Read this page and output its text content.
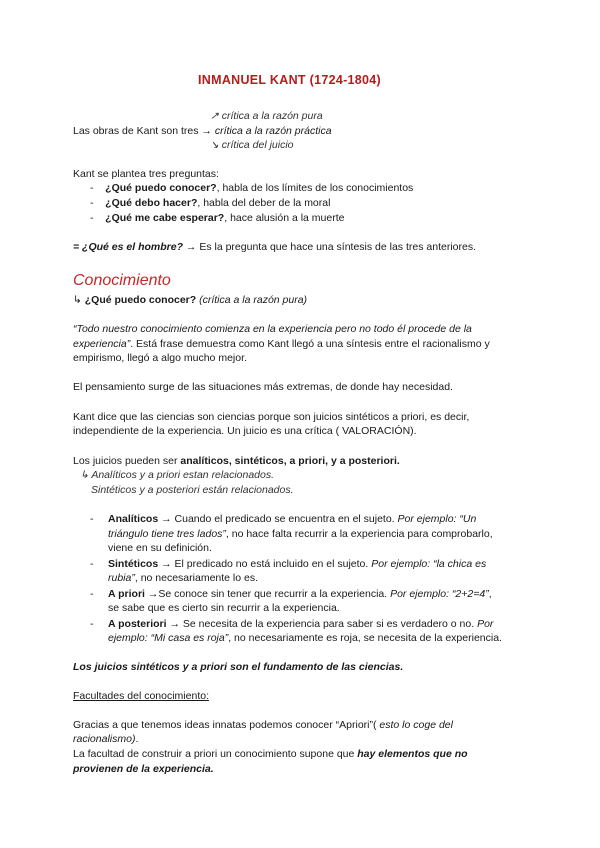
INMANUEL KANT (1724-1804)
↗ crítica a la razón pura
Las obras de Kant son tres → crítica a la razón práctica
↘ crítica del juicio
Kant se plantea tres preguntas:
-    ¿Qué puedo conocer?, habla de los límites de los conocimientos
-    ¿Qué debo hacer?, habla del deber de la moral
-    ¿Qué me cabe esperar?, hace alusión a la muerte
= ¿Qué es el hombre? → Es la pregunta que hace una síntesis de las tres anteriores.
Conocimiento
↳ ¿Qué puedo conocer? (crítica a la razón pura)
“Todo nuestro conocimiento comienza en la experiencia pero no todo él procede de la
experiencia”. Está frase demuestra como Kant llegó a una síntesis entre el racionalismo y
empirismo, llegó a algo mucho mejor.
El pensamiento surge de las situaciones más extremas, de donde hay necesidad.
Kant dice que las ciencias son ciencias porque son juicios sintéticos a priori, es decir,
independiente de la experiencia. Un juicio es una crítica ( VALORACIÓN).
Los juicios pueden ser analíticos, sintéticos, a priori, y a posteriori.
↳ Analíticos y a priori estan relacionados.
Sintéticos y a posteriori están relacionados.
- Analíticos → Cuando el predicado se encuentra en el sujeto. Por ejemplo: “Un
triángulo tiene tres lados”, no hace falta recurrir a la experiencia para comprobarlo,
viene en su definición.
- Sintéticos → El predicado no está incluido en el sujeto. Por ejemplo: “la chica es
rubia”, no necesariamente lo es.
- A priori →Se conoce sin tener que recurrir a la experiencia. Por ejemplo: “2+2=4”,
se sabe que es cierto sin recurrir a la experiencia.
- A posteriori → Se necesita de la experiencia para saber si es verdadero o no. Por
ejemplo: “Mi casa es roja”, no necesariamente es roja, se necesita de la experiencia.
Los juicios sintéticos y a priori son el fundamento de las ciencias.
Facultades del conocimiento:
Gracias a que tenemos ideas innatas podemos conocer “Apriori”( esto lo coge del
racionalismo).
La facultad de construir a priori un conocimiento supone que hay elementos que no
provienen de la experiencia.
